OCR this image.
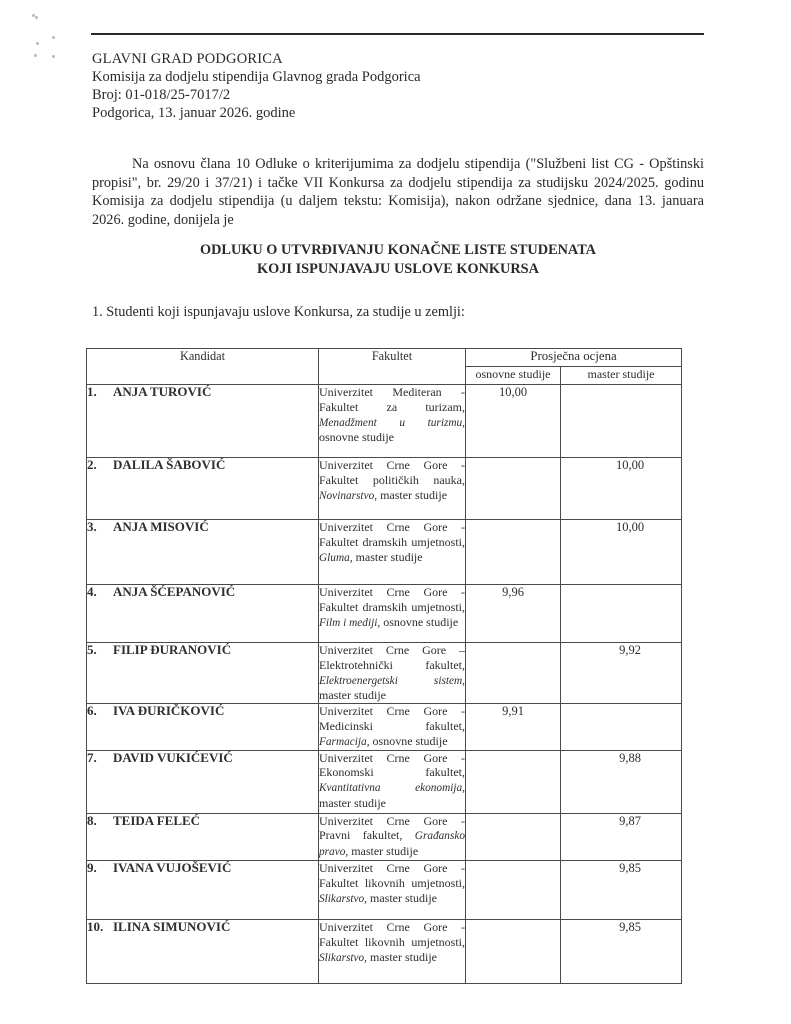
GLAVNI GRAD PODGORICA
Komisija za dodjelu stipendija Glavnog grada Podgorica
Broj: 01-018/25-7017/2
Podgorica, 13. januar 2026. godine
Na osnovu člana 10 Odluke o kriterijumima za dodjelu stipendija ("Službeni list CG - Opštinski propisi", br. 29/20 i 37/21) i tačke VII Konkursa za dodjelu stipendija za studijsku 2024/2025. godinu Komisija za dodjelu stipendija (u daljem tekstu: Komisija), nakon održane sjednice, dana 13. januara 2026. godine, donijela je
ODLUKU O UTVRĐIVANJU KONAČNE LISTE STUDENATA
KOJI ISPUNJAVAJU USLOVE KONKURSA
1. Studenti koji ispunjavaju uslove Konkursa, za studije u zemlji:
Kandidat	Fakultet	Prosječna ocjena	
		osnovne studije	master studije
1. ANJA TUROVIĆ	Univerzitet Mediteran - Fakultet za turizam, Menadžment u turizmu, osnovne studije	10,00	
2. DALILA ŠABOVIĆ	Univerzitet Crne Gore - Fakultet političkih nauka, Novinarstvo, master studije		10,00
3. ANJA MISOVIĆ	Univerzitet Crne Gore - Fakultet dramskih umjetnosti, Gluma, master studije		10,00
4. ANJA ŠĆEPANOVIĆ	Univerzitet Crne Gore - Fakultet dramskih umjetnosti, Film i mediji, osnovne studije	9,96	
5. FILIP ĐURANOVIĆ	Univerzitet Crne Gore – Elektrotehnički fakultet, Elektroenergetski sistem, master studije		9,92
6. IVA ĐURIČKOVIĆ	Univerzitet Crne Gore - Medicinski fakultet, Farmacija, osnovne studije	9,91	
7. DAVID VUKIĆEVIĆ	Univerzitet Crne Gore - Ekonomski fakultet, Kvantitativna ekonomija, master studije		9,88
8. TEIDA FELEĆ	Univerzitet Crne Gore - Pravni fakultet, Građansko pravo, master studije		9,87
9. IVANA VUJOŠEVIĆ	Univerzitet Crne Gore - Fakultet likovnih umjetnosti, Slikarstvo, master studije		9,85
10. ILINA SIMUNOVIĆ	Univerzitet Crne Gore - Fakultet likovnih umjetnosti, Slikarstvo, master studije		9,85
